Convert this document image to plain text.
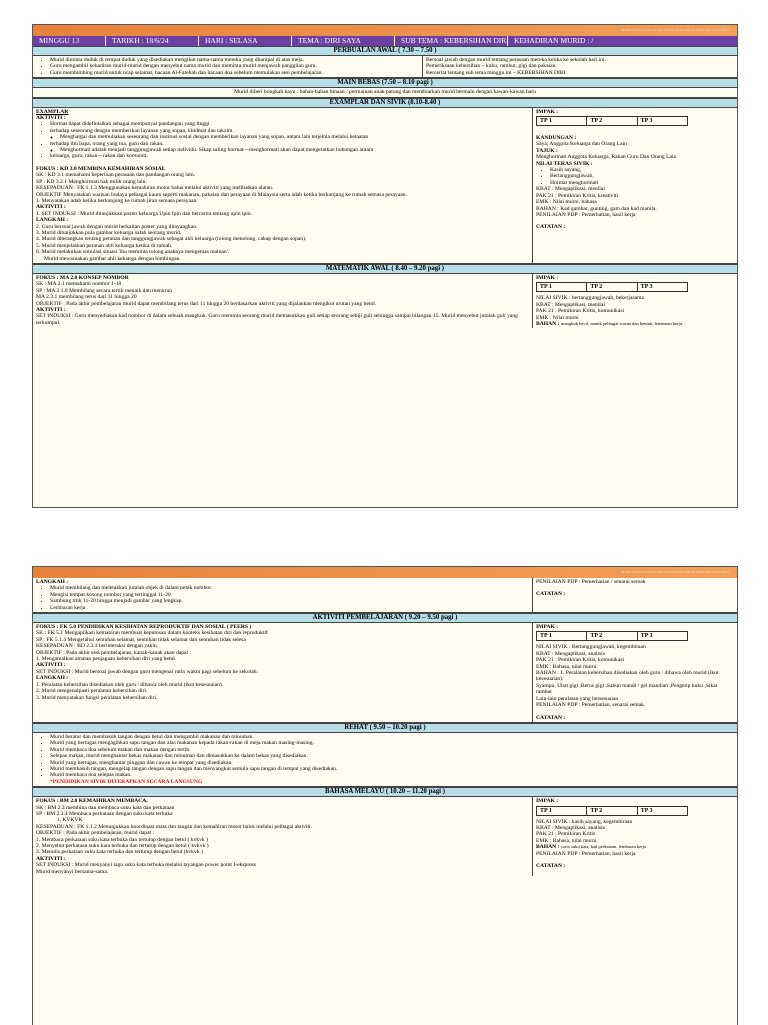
RANCANGAN PELAJARAN HARIAN PRASEKOLAH 2024/2025
MINGGU 13	TARIKH : 18/6/24	HARI : SELASA	TEMA : DIRI SAYA	SUB TEMA : KEBERSIHAN DIRI KEHADIRAN MURID : /
PERBUALAN AWAL ( 7.30 – 7.50 )
• Murid diminta duduk di tempat duduk yang disediakan mengikut nama-nama mereka yang ditampal di atas meja.
• Guru mengambil kehadiran murid-murid dengan menyebut nama murid dan meminta murid menjawab panggilan guru.
• Guru membimbing murid untuk ucap selamat, bacaan Al-Fatehah dan bacaan doa sebelum memulakan sesi pembelajaran.
Bersoal jawab dengan murid tentang perasaan mereka ketika ke sekolah hari ini.
Pemeriksaan kebersihan – kuku, rambut, gigi dan pakaian.
Bercerita tentang sub tema minggu ini – KEBERSIHAN DIRI
MAIN BEBAS (7.50 – 8.10 pagi )
Murid diberi bongkah kayu / bahan-bahan binaan / permainan anak patung dan membiarkan murid bermain dengan kawan-kawan baru
EXAMPLAR DAN SIVIK (8.10-8.40 )
EXAMPLAR
AKTIVITI :
• Hormat dapat didefinisikan sebagai mempunyai pandangan yang tinggi
• terhadap seseorang dengan memberikan layanan yang sopan, khidmat dan takzim.
◦ Menghargai dan memuliakan seseorang dan institusi sosial dengan memberikan layanan yang sopan, antara lain terjelma melalui ketaatan
• terhadap ibu bapa, orang yang tua, guru dan rakan.
◦ Menghormati adalah menjadi tanggungjawab setiap individu. Sikap saling hormat—menghormati akan dapat mengeratkan hubungan antara
• keluarga, guru, rakan—rakan dan komuniti.
FOKUS : KD 3.0 MEMBINA KEMAHIRAN SOSIAL
SK : KD 3.1 memahami keperluan perasaan dan pandangan orang lain.
SP : KD 3.2.1 Menghormati hak milik orang lain.
KESEPADUAN : FK 1.1.3 Menggunakan kemahiran motor halus melalui aktiviti yang melibatkan alatan.
OBJEKTIF Menyatakan warisan budaya pelbagai kaum seperti makanan, pakaian dan perayaan di Malaysia serta adab ketika berkunjung ke rumah semasa perayaan.
1. Menyatakan adab ketika berkunjung ke rumah jiran semasa perayaan.
AKTIVITI :
1. SET INDUKSI : Murid ditunjukkan poster keluarga Upin Ipin dan bercerita tentang upin ipin.
LANGKAH :
2. Guru bersoal jawab dengan murid berkaitan poster yang ditayangkan.
3. Murid ditunjukkan pula gambar keluarga salah seorang murid.
4. Murid diterangkan tentang peranan dan tanggungjawab sebagai ahli keluarga (tolong menolong, cakap dengan sopan).
5. Murid menjelaskan peranan ahli keluarga ketika di rumah.
6. Murid melakukan simulasi situasi 'ibu meminta tolong anaknya mengemas mainan'.
Murid mewarnakan gambar ahli keluarga dengan bimbingan.
IMPAK :
TP 1	TP 2	TP 3
KANDUNGAN :
Saya, Anggota Keluarga dan Orang Lain
TAJUK :
Menghormati Anggota Keluarga, Rakan Guru Dan Orang Lain
NILAI TERAS SIVIK :
• Kasih sayang,
• Bertanggungjawab,
• Hormat menghormati
KBAT : Mengaplikasi, menilai
PAK 21 : Pemikiran Kritis, kreativiti
EMK : Nilai murni, bahasa
BAHAN : Kad gambar, gunting, gam dan kad manila.
PENILAIAN PDP : Pemerhatian, hasil kerja
CATATAN :
MATEMATIK AWAL ( 8.40 – 9.20 pagi )
FOKUS : MA 2.0 KONSEP NOMBOR
SK : MA 2.1 memahami nombor 1-10
SP : MA 2.1.8 Membilang secara tertib menaik dan menurun
MA 2.3.1 membilang terus dari 11 hingga 20
OBJEKTIF : Pada akhir pembelajaran murid dapat membilang terus dari 11 hingga 20 berdasarkan aktiviti yang dijalankan mengikut urutan yang betul.
AKTIVITI :
SET INDUKSI : Guru menyediakan kad nombor di dalam sebuah mangkuk. Guru meminta seorang murid memasukkan guli setiap seorang sebiji guli sehingga sampai bilangan 15. Murid menyebut jumlah guli yang terkumpul.
IMPAK :
TP 1	TP 2	TP 3
NILAI SIVIK : bertanggungjawab, bekerjasama
KBAT : Mengaplikasi, menilai
PAK 21 : Pemikiran Kritis, komunikasi
EMK : Nilai murni
BAHAN : mangkuk kecil, manik pelbagai warna dan bentuk, lembaran kerja.
RANCANGAN PELAJARAN HARIAN PRASEKOLAH 2024/2025
LANGKAH :
• Murid membilang dan meletakkan jumlah objek di dalam petak nombor.
• Mengisi tempat kosong nombor yang tertinggal 11-20
• Sambung titik 11-20 hingga menjadi gambar yang lengkap.
• Lembaran kerja
PENILAIAN PDP : Pemerhatian / senarai semak
CATATAN :
AKTIVITI PEMBELAJARAN ( 9.20 – 9.50 pagi )
FOKUS : FK 5.0 PENDIDIKAN KESIHATAN REPRODUKTIF DAN SOSIAL ( PEERS )
SK : FK 5.1 Mengaplikasi kemahiran membuat keputusan dalam konteks kesihatan diri dan reproduktif
SP : FK 5.1.4 Mengetahui sentuhan selamat, sentuhan tidak selamat dan sentuhan tidak selesa
KESEPADUAN : BD 2.3.3 berinteraksi dengan yakin.
OBJEKTIF : Pada akhir sesi pembelajaran, kanak-kanak akan dapat :
1. Mengamalkan amalan penjagaan kebersihan diri yang betul.
AKTIVITI :
SET INDUKSI : Murid bersoal jawab dengan guru mengenai rutin waktu pagi sebelum ke sekolah.
LANGKAH :
1. Peralatan kebersihan disediakan oleh guru / dibawa oleh murid (ikut kesesuaian).
2. Murid mengenalpasti peralatan kebersihan diri.
3. Murid menyatakan fungsi peralatan kebersihan diri.
IMPAK :
TP 1	TP 2	TP 3
NILAI SIVIK : Bertanggungjawab, kegembiraan
KBAT : Mengaplikasi, analisis
PAK 21 : Pemikiran Kritis, komunikasi
EMK : Bahasa, nilai murni.
BAHAN : 1. Peralatan kebersihan disediakan oleh guru / dibawa oleh murid (ikut kesesuaian):
Syampu, Ubat gigi ,Berus gigi ,Sabun mandi / gel mandian ,Pengetip kuku ,Sikat rambut
Lain-lain peralatan yang bersesuaian
PENILAIAN PDP : Pemerhatian, senarai semak.
CATATAN :
REHAT ( 9.50 – 10.20 pagi )
• Murid beratur dan membasuh tangan dengan betul dan mengambil makanan dan minuman.
• Murid yang bertugas mengagihkan sapu tangan dan alas makanan kepada rakan-rakan di meja makan masing-masing.
• Murid membaca doa sebelum makan dan makan dengan tertib.
• Selepas makan, murid menghantar bekas makanan dan minuman dan dimasukkan ke dalam bekas yang disediakan.
• Murid yang bertugas, menghantar pinggan dan cawan ke tempat yang disediakan.
• Murid membasuh tangan, mengelap tangan dengan sapu tangan dan menyangkut semula sapu tangan di tempat yang disediakan.
• Murid membaca doa selepas makan.
*PENDIDIKAN SIVIK DITERAPKAN SECARA LANGSUNG
BAHASA MELAYU ( 10.20 – 11.20 pagi )
FOKUS : BM 2.0 KEMAHIRAN MEMBACA.
SK : BM 2.3 membina dan membaca suku kata dan perkataan
SP : BM 2.3.4 Membaca perkataan dengan suku kata terbuka
i. KVKVK
KESEPADUAN : FK 1.1.2 Menunjukkan koordinasi mata dan tangan dan kemahiran motor halus melalui pelbagai aktiviti.
OBJEKTIF : Pada akhir pembelajaran, murid dapat :
1. Membaca perkataan suku kata terbuka dan tertutup dengan betul ( kvkvk )
2. Menyebut perkataan suku kata terbuka dan tertutup dengan betul ( kvkvk )
3. Menulis perkataan suku kata terbuka dan tertutup dengan betul (kvkvk )
AKTIVITI :
SET INDUKSI : Murid menyanyi lagu suku kata terbuka melalui tayangan power point I-ekspress
Murid menyanyi bersama-sama.
IMPAK :
TP 1	TP 2	TP 3
NILAI SIVIK : kasih sayang, kegembiraan
KBAT : Mengaplikasi, analisis
PAK 21 : Pemikiran Kritis
EMK : Bahasa, nilai murni.
BAHAN : carta suku kata, kad perkataan, lembaran kerja
PENILAIAN PDP : Pemerhatian, hasil kerja
CATATAN :
